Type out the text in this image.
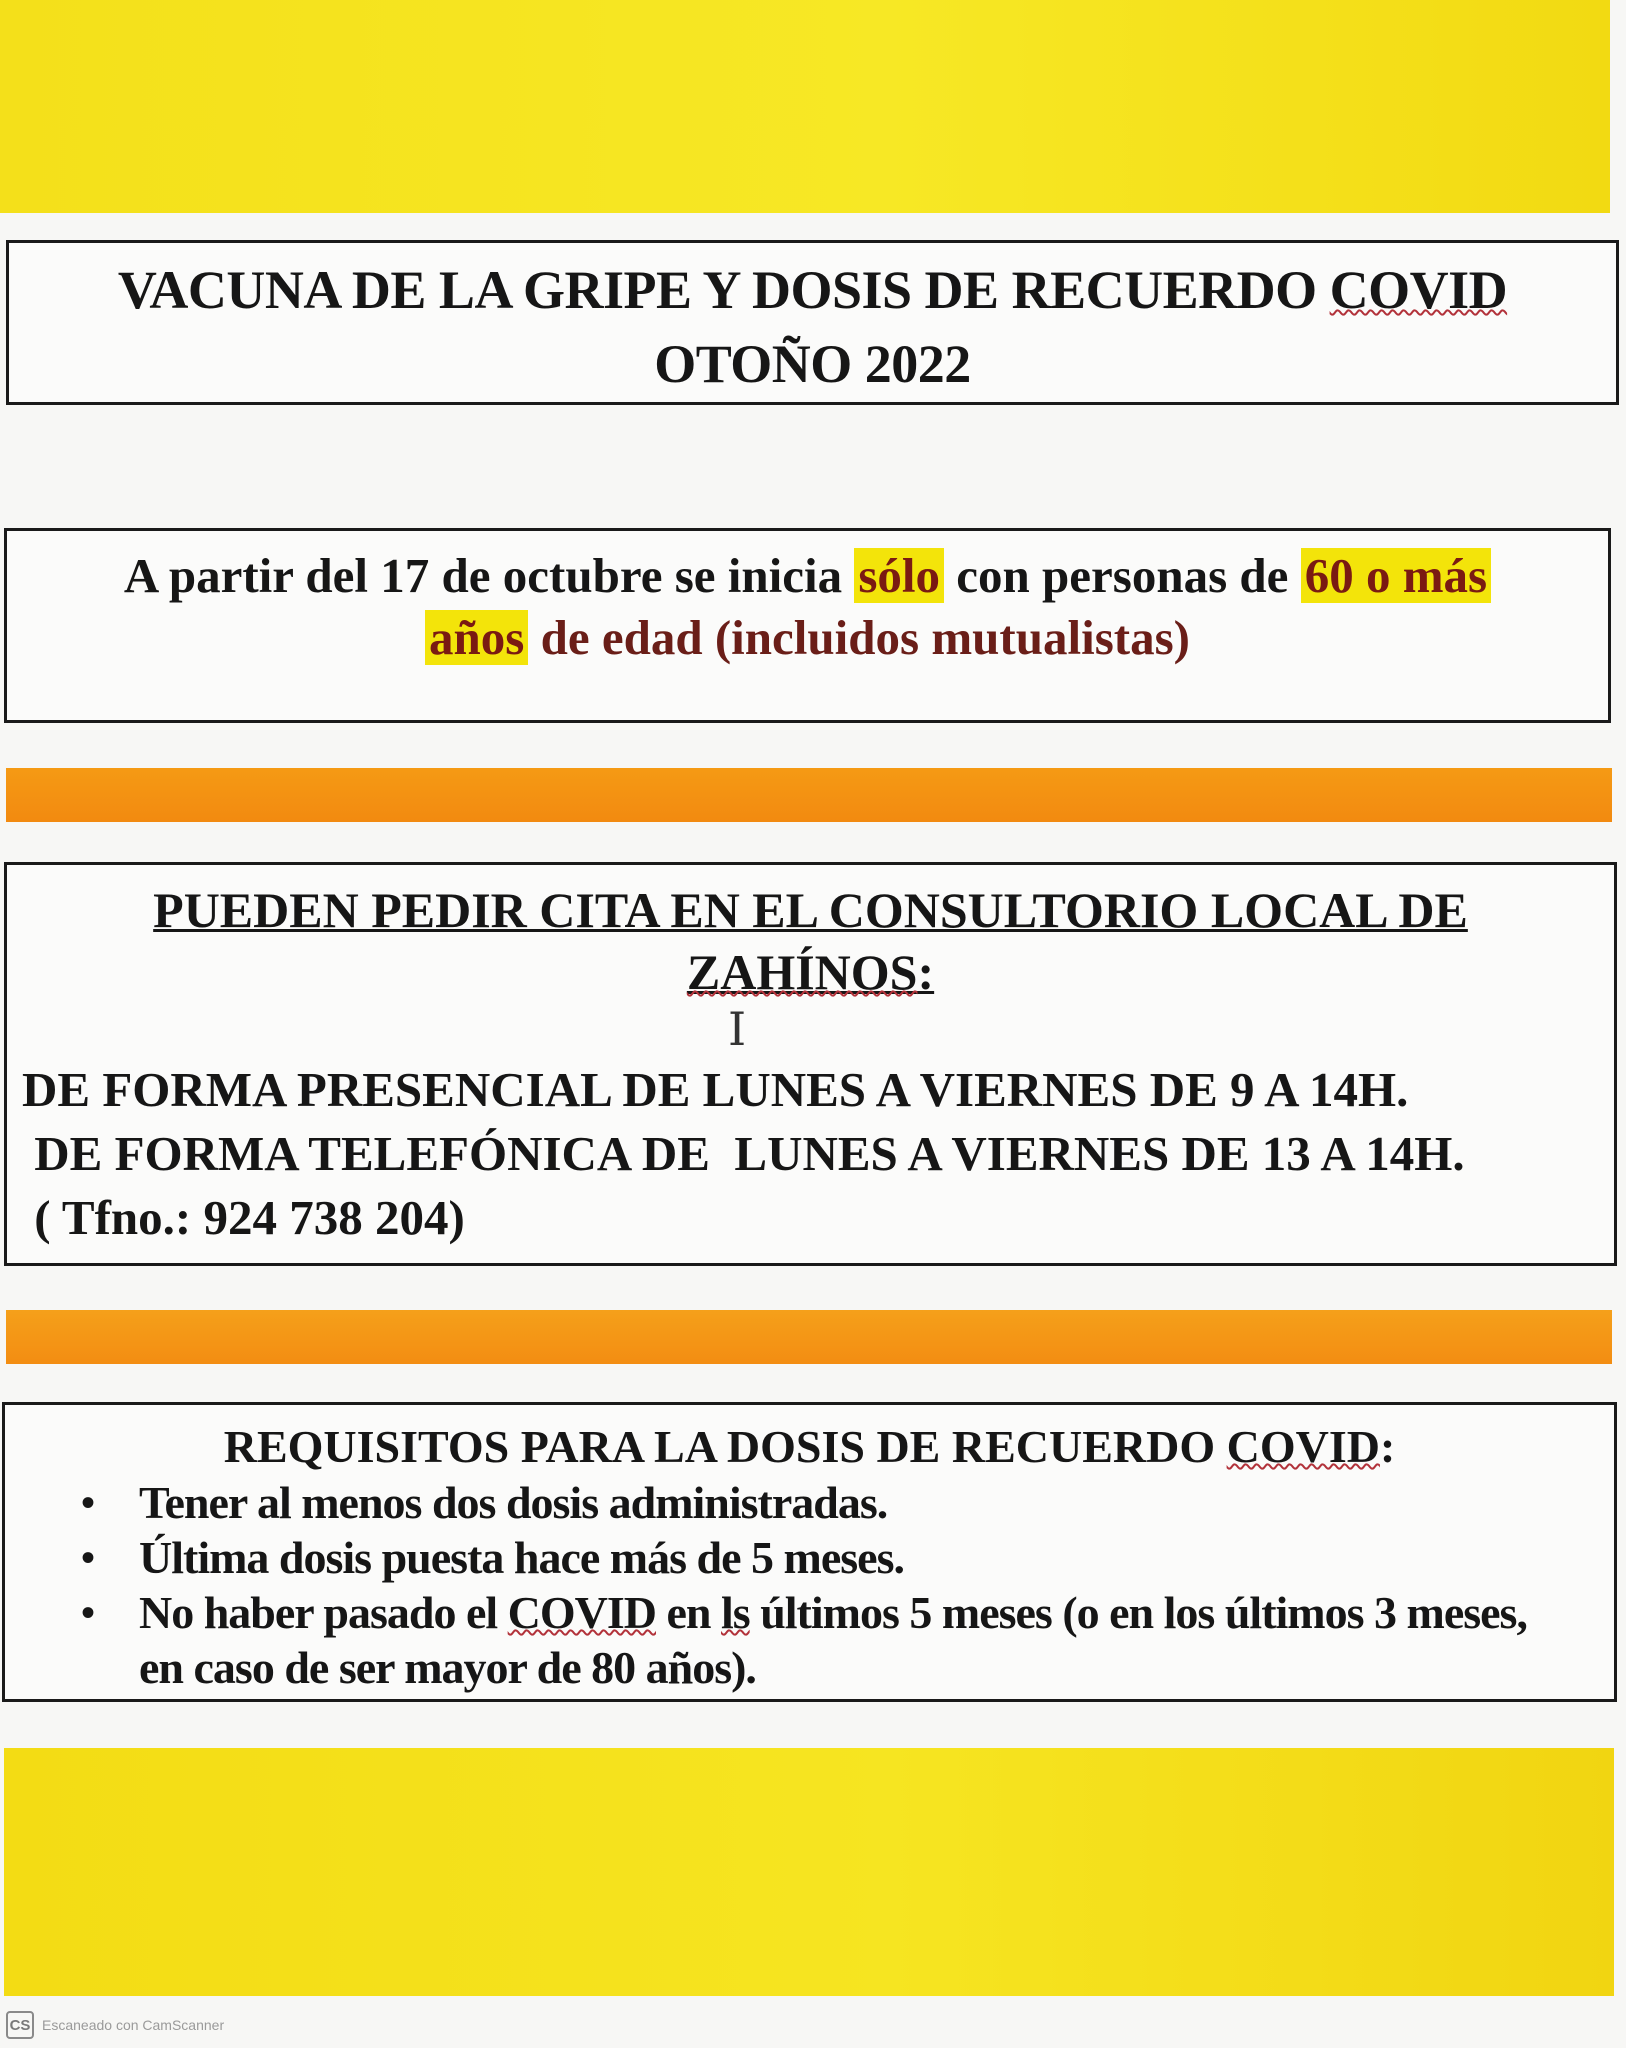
VACUNA DE LA GRIPE Y DOSIS DE RECUERDO COVID
OTOÑO 2022
A partir del 17 de octubre se inicia sólo con personas de 60 o más
años de edad (incluidos mutualistas)
PUEDEN PEDIR CITA EN EL CONSULTORIO LOCAL DE
ZAHÍNOS:
I
DE FORMA PRESENCIAL DE LUNES A VIERNES DE 9 A 14H.
DE FORMA TELEFÓNICA DE  LUNES A VIERNES DE 13 A 14H.
( Tfno.: 924 738 204)
REQUISITOS PARA LA DOSIS DE RECUERDO COVID:
• Tener al menos dos dosis administradas.
• Última dosis puesta hace más de 5 meses.
• No haber pasado el COVID en ls últimos 5 meses (o en los últimos 3 meses, en caso de ser mayor de 80 años).
CS Escaneado con CamScanner
